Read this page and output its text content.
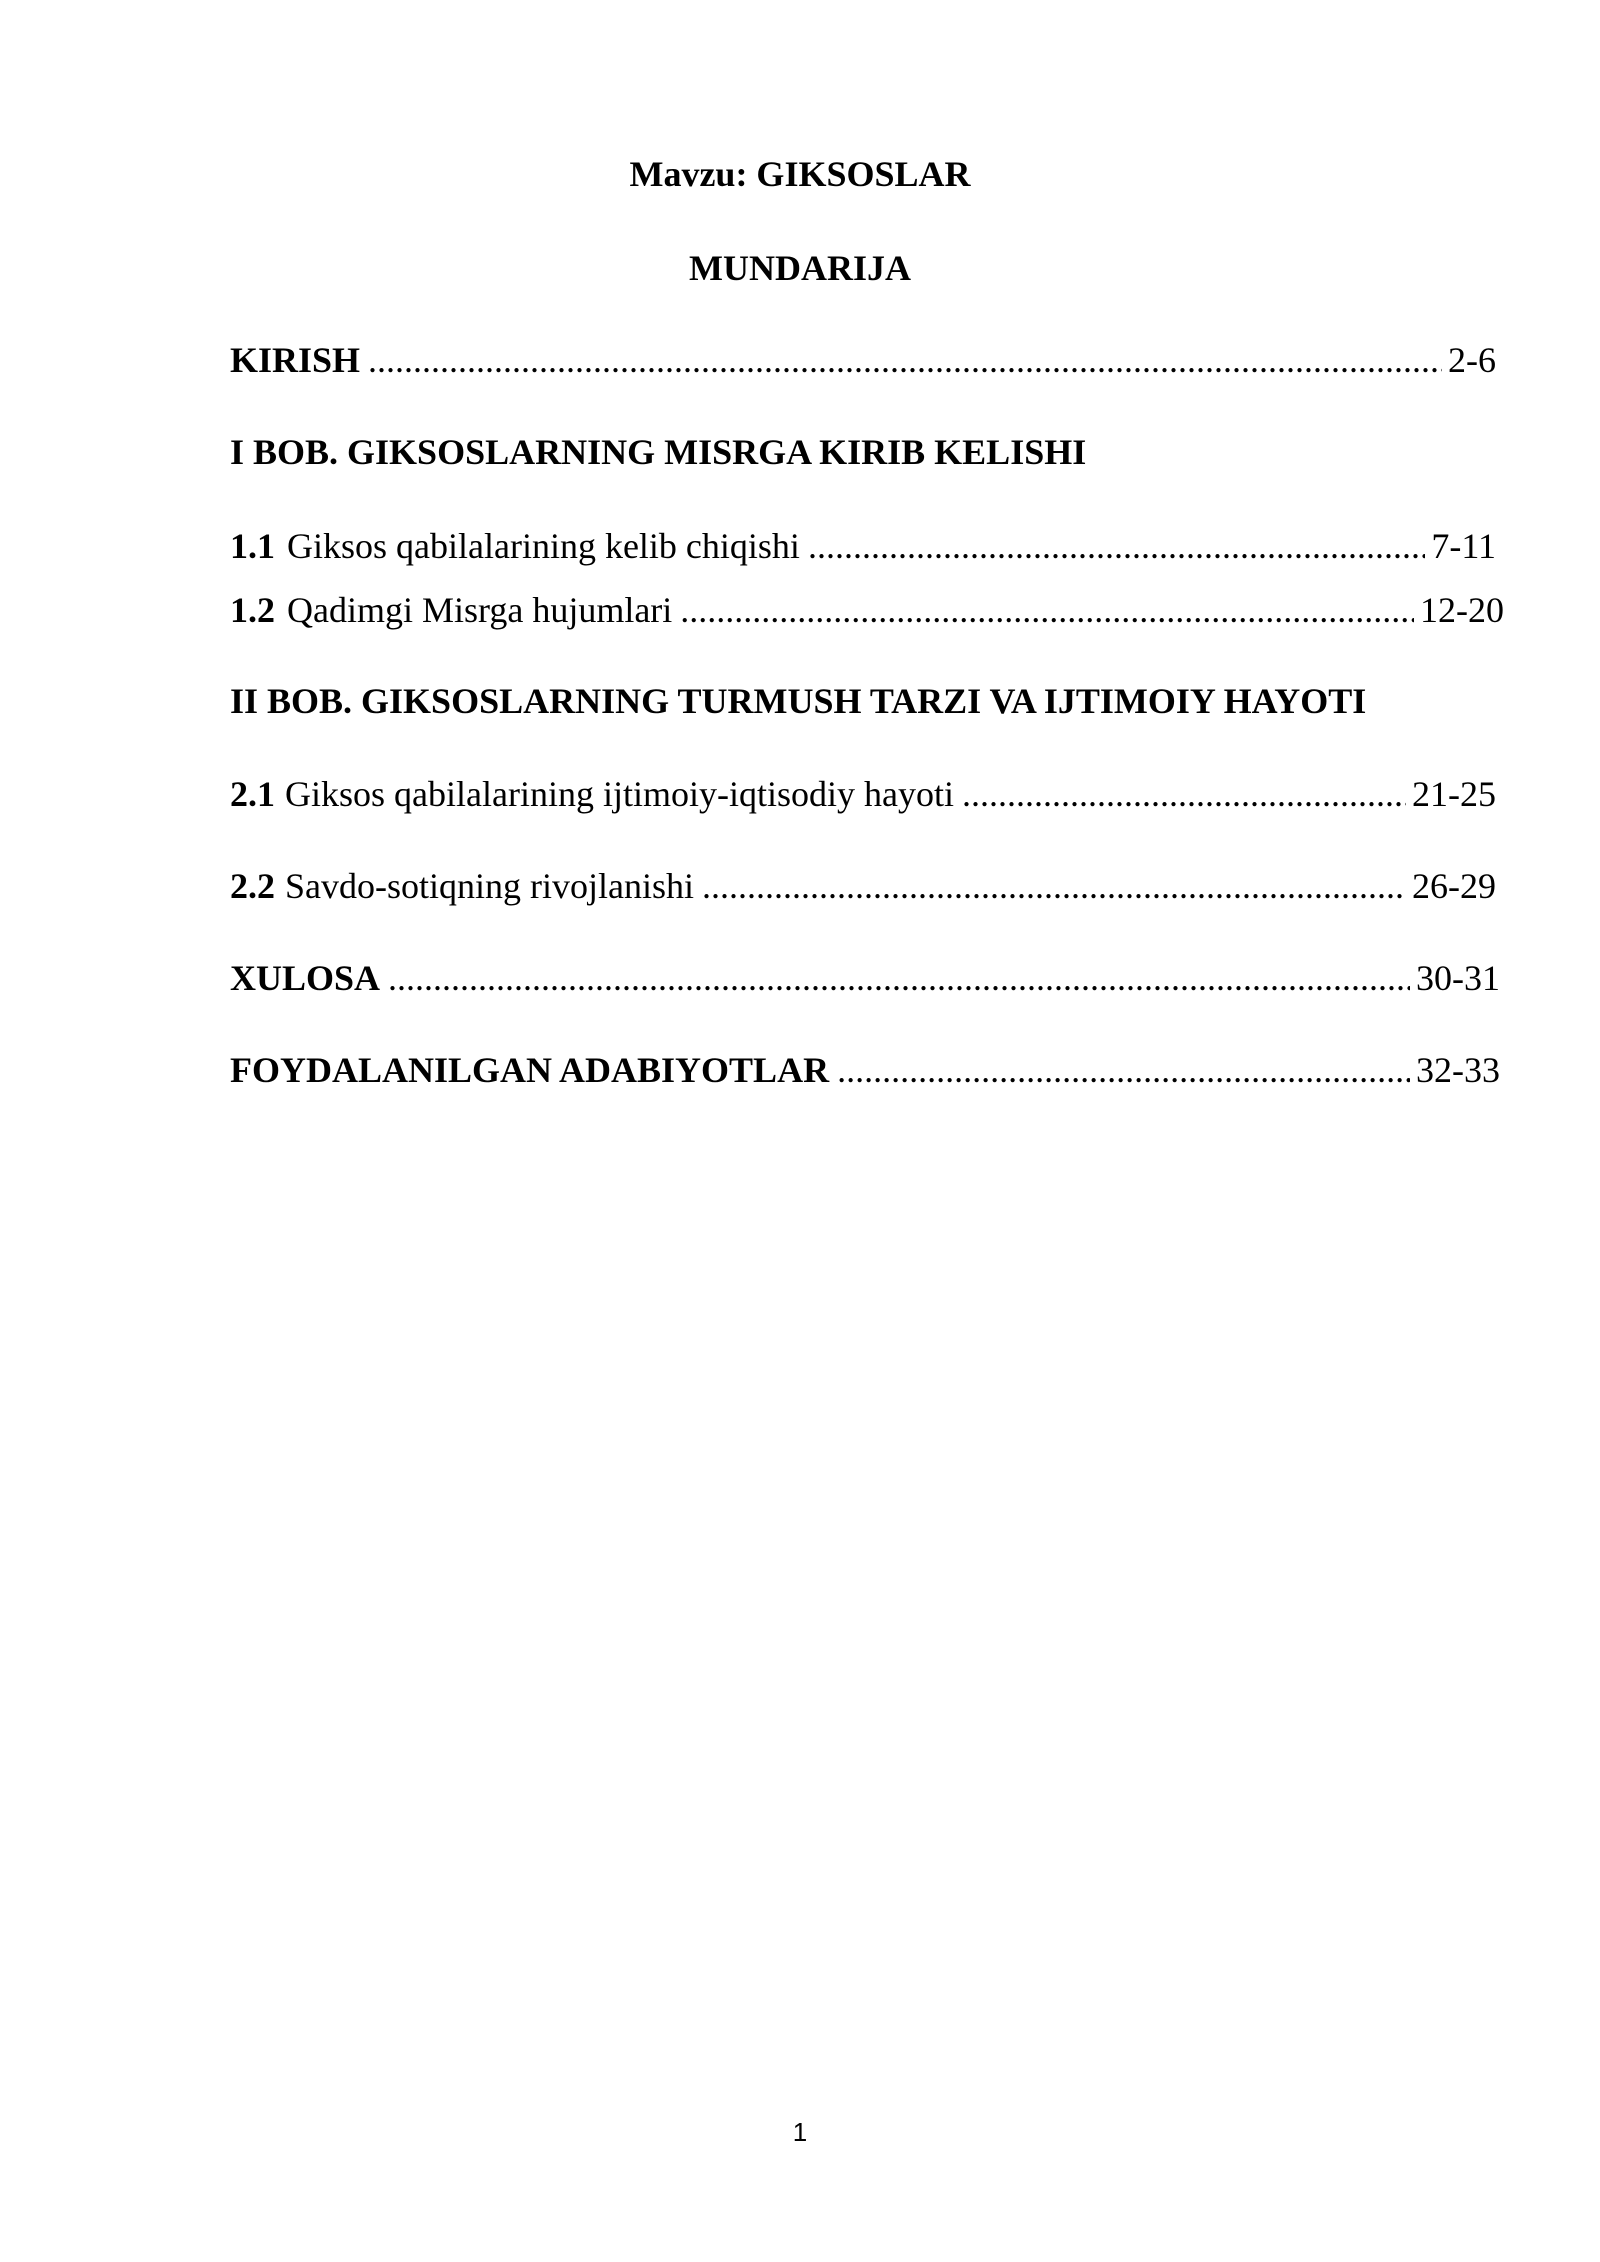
Mavzu: GIKSOSLAR
MUNDARIJA
KIRISH .....	2-6
I BOB. GIKSOSLARNING MISRGA KIRIB KELISHI
1.1 Giksos qabilalarining kelib chiqishi .....	7-11
1.2 Qadimgi Misrga hujumlari .....	12-20
II BOB. GIKSOSLARNING TURMUSH TARZI VA IJTIMOIY HAYOTI
2.1 Giksos qabilalarining ijtimoiy-iqtisodiy hayoti .....	21-25
2.2 Savdo-sotiqning rivojlanishi .....	26-29
XULOSA .....	30-31
FOYDALANILGAN ADABIYOTLAR .....	32-33
1
